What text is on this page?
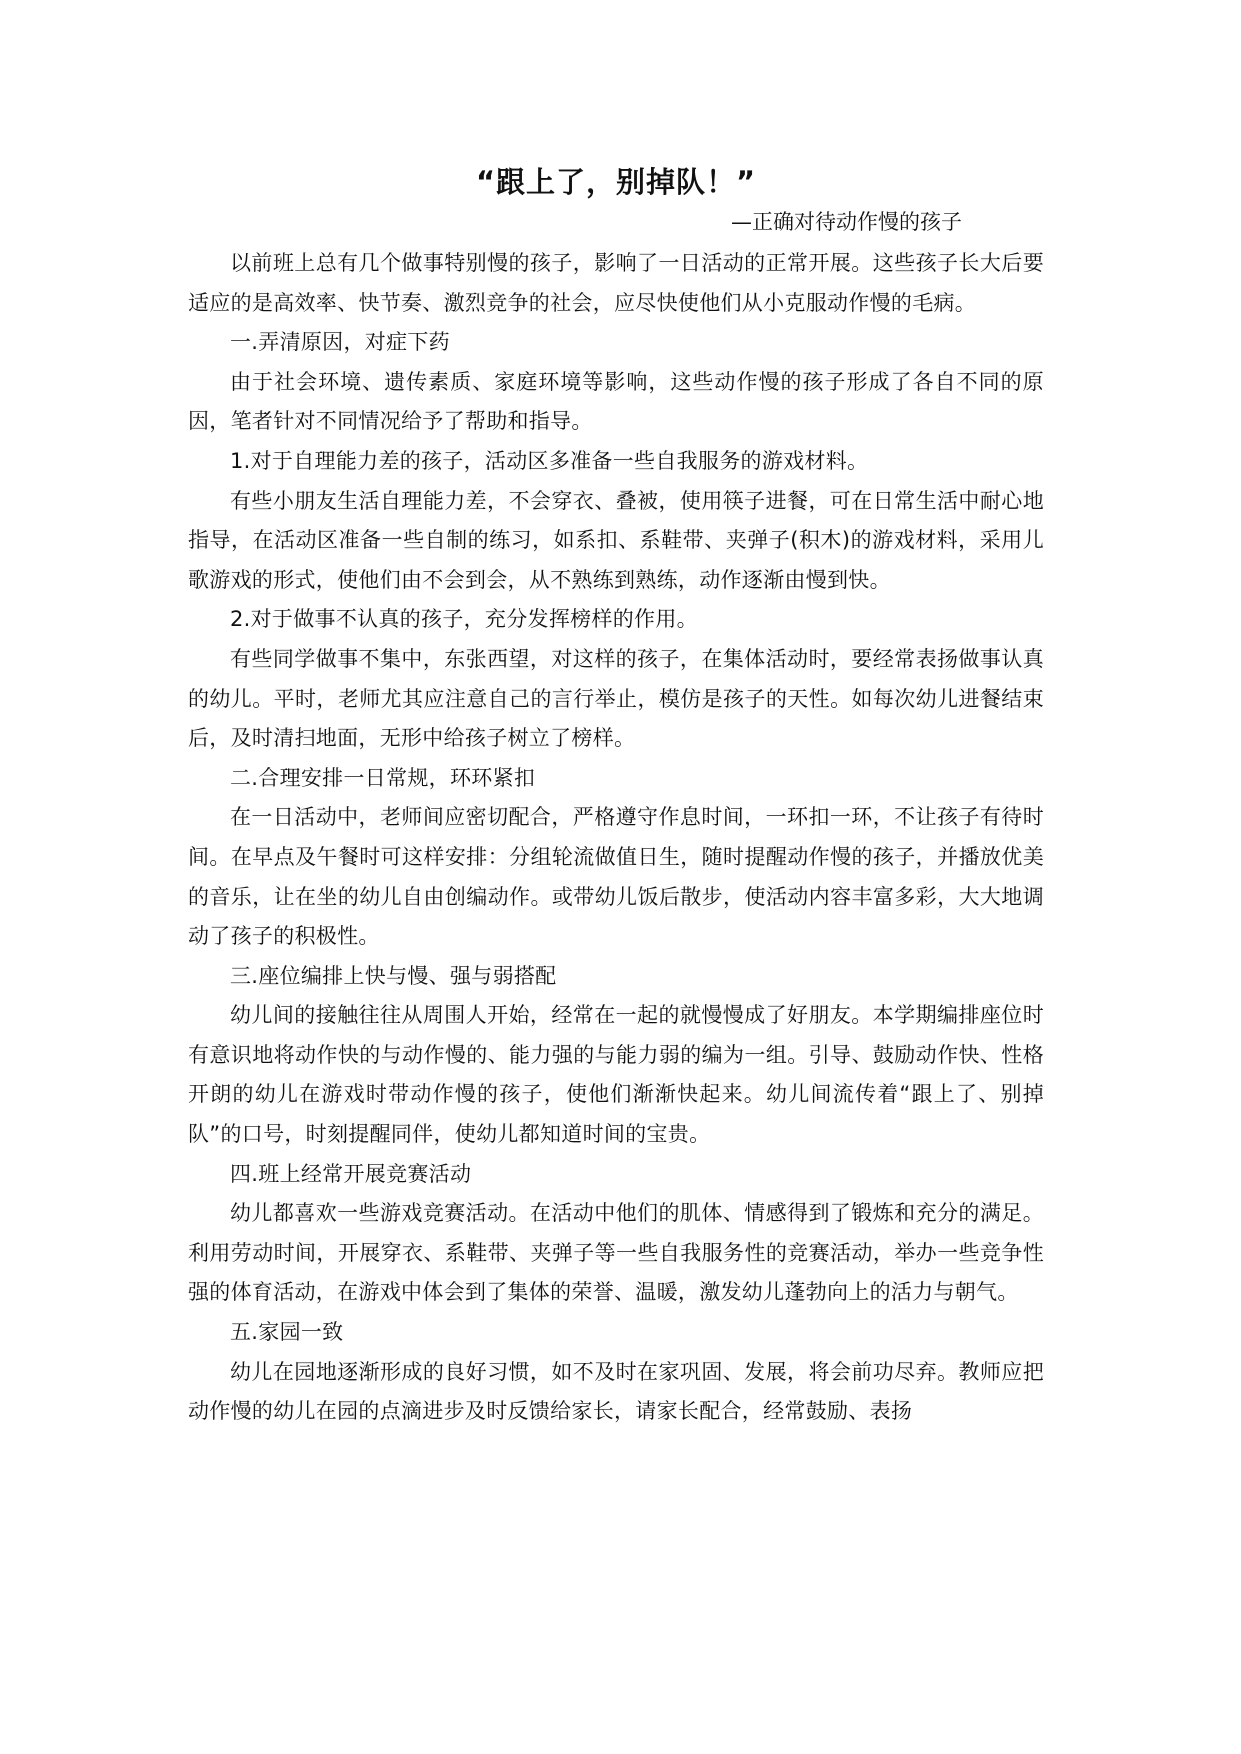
“跟上了，别掉队！”
—正确对待动作慢的孩子

以前班上总有几个做事特别慢的孩子，影响了一日活动的正常开展。这些孩子长大后要适应的是高效率、快节奏、激烈竞争的社会，应尽快使他们从小克服动作慢的毛病。

一.弄清原因，对症下药

由于社会环境、遗传素质、家庭环境等影响，这些动作慢的孩子形成了各自不同的原因，笔者针对不同情况给予了帮助和指导。

1.对于自理能力差的孩子，活动区多准备一些自我服务的游戏材料。

有些小朋友生活自理能力差，不会穿衣、叠被，使用筷子进餐，可在日常生活中耐心地指导，在活动区准备一些自制的练习，如系扣、系鞋带、夹弹子(积木)的游戏材料，采用儿歌游戏的形式，使他们由不会到会，从不熟练到熟练，动作逐渐由慢到快。

2.对于做事不认真的孩子，充分发挥榜样的作用。

有些同学做事不集中，东张西望，对这样的孩子，在集体活动时，要经常表扬做事认真的幼儿。平时，老师尤其应注意自己的言行举止，模仿是孩子的天性。如每次幼儿进餐结束后，及时清扫地面，无形中给孩子树立了榜样。

二.合理安排一日常规，环环紧扣

在一日活动中，老师间应密切配合，严格遵守作息时间，一环扣一环，不让孩子有待时间。在早点及午餐时可这样安排：分组轮流做值日生，随时提醒动作慢的孩子，并播放优美的音乐，让在坐的幼儿自由创编动作。或带幼儿饭后散步，使活动内容丰富多彩，大大地调动了孩子的积极性。

三.座位编排上快与慢、强与弱搭配

幼儿间的接触往往从周围人开始，经常在一起的就慢慢成了好朋友。本学期编排座位时有意识地将动作快的与动作慢的、能力强的与能力弱的编为一组。引导、鼓励动作快、性格开朗的幼儿在游戏时带动作慢的孩子，使他们渐渐快起来。幼儿间流传着“跟上了、别掉队”的口号，时刻提醒同伴，使幼儿都知道时间的宝贵。

四.班上经常开展竞赛活动

幼儿都喜欢一些游戏竞赛活动。在活动中他们的肌体、情感得到了锻炼和充分的满足。利用劳动时间，开展穿衣、系鞋带、夹弹子等一些自我服务性的竞赛活动，举办一些竞争性强的体育活动，在游戏中体会到了集体的荣誉、温暖，激发幼儿蓬勃向上的活力与朝气。

五.家园一致

幼儿在园地逐渐形成的良好习惯，如不及时在家巩固、发展，将会前功尽弃。教师应把动作慢的幼儿在园的点滴进步及时反馈给家长，请家长配合，经常鼓励、表扬
